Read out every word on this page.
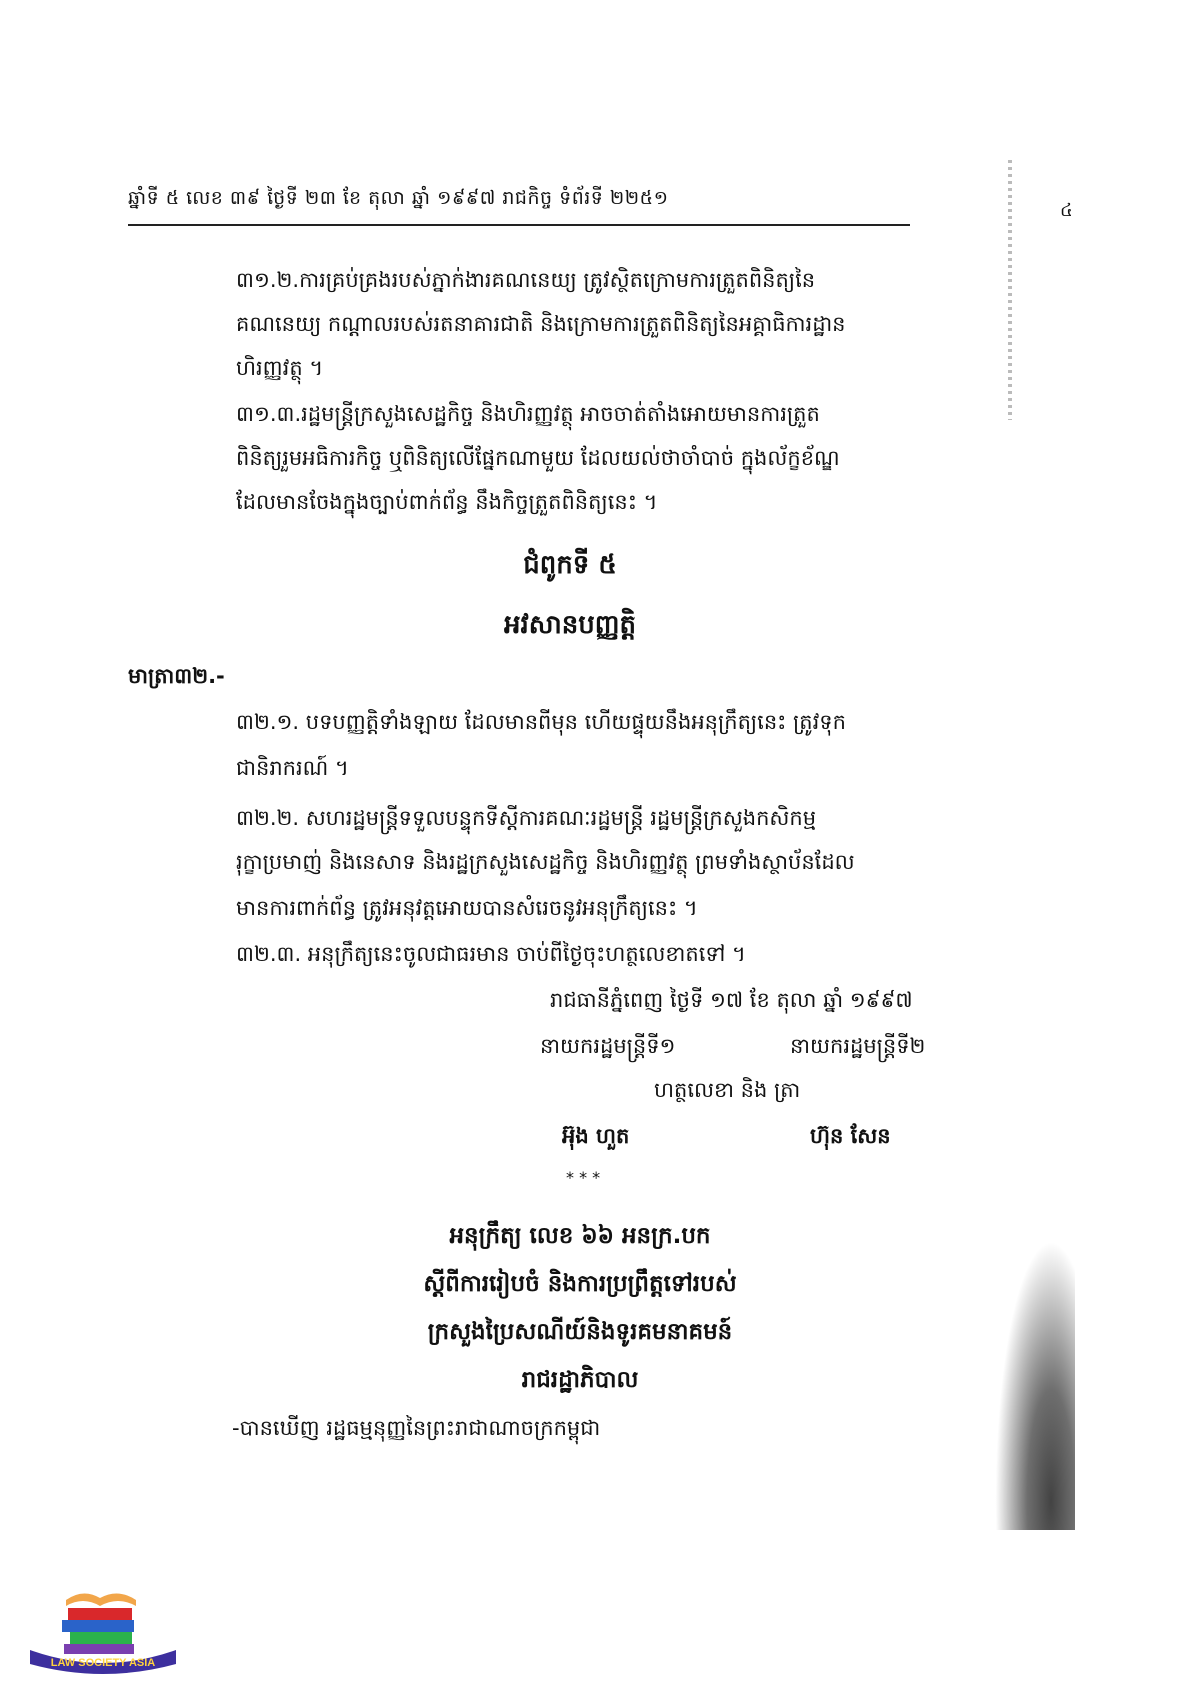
ឆ្នាំទី ៥ លេខ ៣៩ ថ្ងៃទី ២៣ ខែ តុលា ឆ្នាំ ១៩៩៧ រាជកិច្ច ទំព័រទី ២២៥១
៤
៣១.២.ការគ្រប់គ្រងរបស់ភ្នាក់ងារគណនេយ្យ ត្រូវស្ថិតក្រោមការត្រួតពិនិត្យនៃ
គណនេយ្យ កណ្តាលរបស់រតនាគារជាតិ និងក្រោមការត្រួតពិនិត្យនៃអគ្គាធិការដ្ឋាន
ហិរញ្ញវត្ថុ ។
៣១.៣.រដ្ឋមន្ត្រីក្រសួងសេដ្ឋកិច្ច និងហិរញ្ញវត្ថុ អាចចាត់តាំងអោយមានការត្រួត
ពិនិត្យរួមអធិការកិច្ច ឬពិនិត្យលើផ្នែកណាមួយ ដែលយល់ថាចាំបាច់ ក្នុងល័ក្ខខ័ណ្ឌ
ដែលមានចែងក្នុងច្បាប់ពាក់ព័ន្ធ នឹងកិច្ចត្រួតពិនិត្យនេះ ។
ជំពូកទី ៥
អវសានបញ្ញត្តិ
មាត្រា៣២.-
៣២.១. បទបញ្ញត្តិទាំងឡាយ ដែលមានពីមុន ហើយផ្ទុយនឹងអនុក្រឹត្យនេះ ត្រូវទុក
ជានិរាករណ៍ ។
៣២.២. សហរដ្ឋមន្ត្រីទទួលបន្ទុកទីស្តីការគណៈរដ្ឋមន្ត្រី រដ្ឋមន្ត្រីក្រសួងកសិកម្ម
រុក្ខាប្រមាញ់ និងនេសាទ និងរដ្ឋក្រសួងសេដ្ឋកិច្ច និងហិរញ្ញវត្ថុ ព្រមទាំងស្ថាប័នដែល
មានការពាក់ព័ន្ធ ត្រូវអនុវត្តអោយបានសំរេចនូវអនុក្រឹត្យនេះ ។
៣២.៣. អនុក្រឹត្យនេះចូលជាធរមាន ចាប់ពីថ្ងៃចុះហត្ថលេខាតទៅ ។
រាជធានីភ្នំពេញ ថ្ងៃទី ១៧ ខែ តុលា ឆ្នាំ ១៩៩៧
នាយករដ្ឋមន្ត្រីទី១	នាយករដ្ឋមន្ត្រីទី២
ហត្ថលេខា និង ត្រា
អ៊ុង ហួត	ហ៊ុន សែន
* * *
អនុក្រឹត្យ លេខ ៦៦ អនក្រ.បក
ស្តីពីការរៀបចំ និងការប្រព្រឹត្តទៅរបស់
ក្រសួងប្រៃសណីយ៍និងទូរគមនាគមន៍
រាជរដ្ឋាភិបាល
-បានឃើញ រដ្ឋធម្មនុញ្ញនៃព្រះរាជាណាចក្រកម្ពុជា
LAW SOCIETY ASIA
